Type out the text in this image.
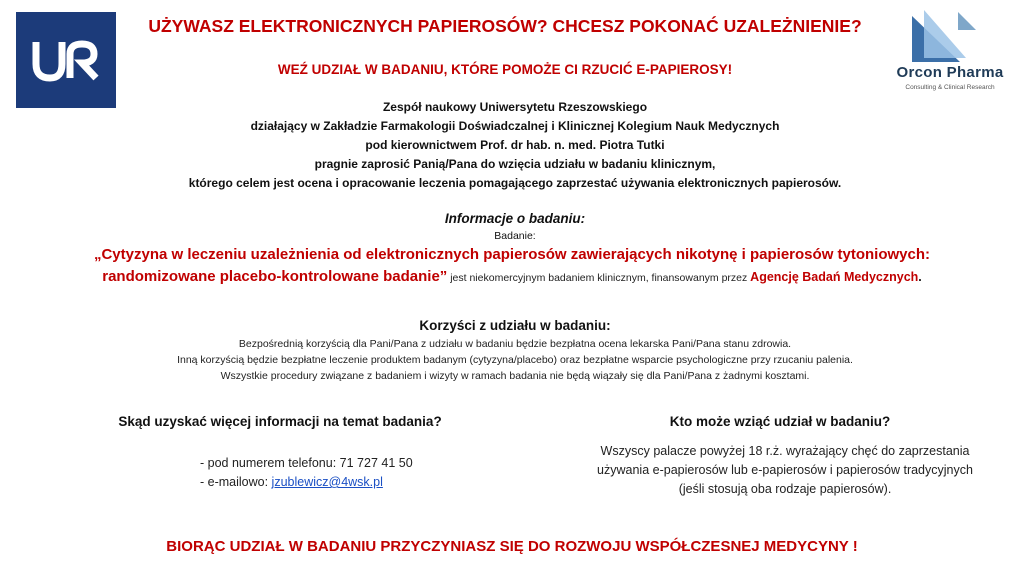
Orcon Pharma
Consulting & Clinical Research
UŻYWASZ ELEKTRONICZNYCH PAPIEROSÓW? CHCESZ POKONAĆ UZALEŻNIENIE?
WEŹ UDZIAŁ W BADANIU, KTÓRE POMOŻE CI RZUCIĆ E-PAPIEROSY!
Zespół naukowy Uniwersytetu Rzeszowskiego
działający w Zakładzie Farmakologii Doświadczalnej i Klinicznej Kolegium Nauk Medycznych
pod kierownictwem Prof. dr hab. n. med. Piotra Tutki
pragnie zaprosić Panią/Pana do wzięcia udziału w badaniu klinicznym,
którego celem jest ocena i opracowanie leczenia pomagającego zaprzestać używania elektronicznych papierosów.
Informacje o badaniu:
Badanie:
„Cytyzyna w leczeniu uzależnienia od elektronicznych papierosów zawierających nikotynę i papierosów tytoniowych:
randomizowane placebo-kontrolowane badanie” jest niekomercyjnym badaniem klinicznym, finansowanym przez Agencję Badań Medycznych.
Korzyści z udziału w badaniu:
Bezpośrednią korzyścią dla Pani/Pana z udziału w badaniu będzie bezpłatna ocena lekarska Pani/Pana stanu zdrowia.
Inną korzyścią będzie bezpłatne leczenie produktem badanym (cytyzyna/placebo) oraz bezpłatne wsparcie psychologiczne przy rzucaniu palenia.
Wszystkie procedury związane z badaniem i wizyty w ramach badania nie będą wiązały się dla Pani/Pana z żadnymi kosztami.
Skąd uzyskać więcej informacji na temat badania?
- pod numerem telefonu: 71 727 41 50
- e-mailowo: jzublewicz@4wsk.pl
Kto może wziąć udział w badaniu?
Wszyscy palacze powyżej 18 r.ż. wyrażający chęć do zaprzestania używania e-papierosów lub e-papierosów i papierosów tradycyjnych (jeśli stosują oba rodzaje papierosów).
BIORĄC UDZIAŁ W BADANIU PRZYCZYNIASZ SIĘ DO ROZWOJU WSPÓŁCZESNEJ MEDYCYNY !
